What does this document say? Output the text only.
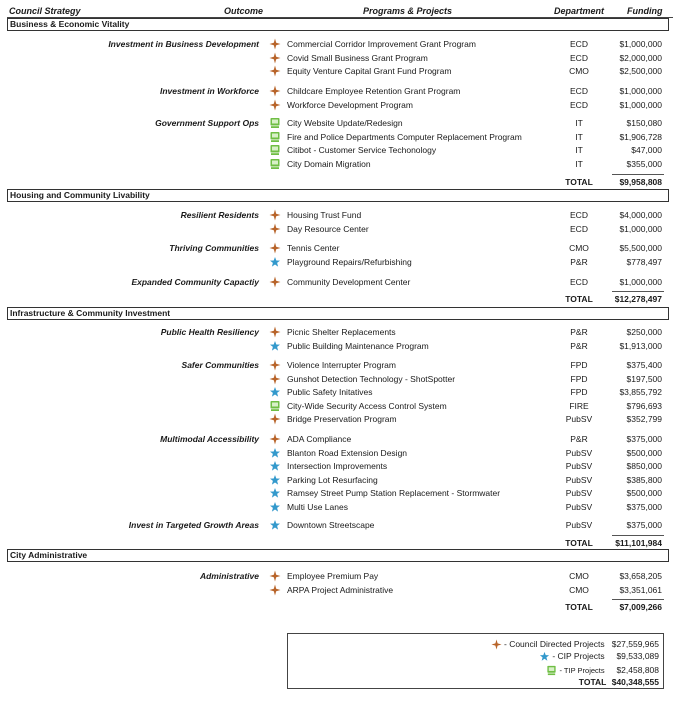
Council Strategy	Outcome	Programs & Projects	Department	Funding
Business & Economic Vitality
Investment in Business Development	Commercial Corridor Improvement Grant Program	ECD	$1,000,000
Covid Small Business Grant Program	ECD	$2,000,000
Equity Venture Capital Grant Fund Program	CMO	$2,500,000
Investment in Workforce	Childcare Employee Retention Grant Program	ECD	$1,000,000
Workforce Development Program	ECD	$1,000,000
Government Support Ops	City Website Update/Redesign	IT	$150,080
Fire and Police Departments Computer Replacement Program	IT	$1,906,728
Citibot - Customer Service Techonology	IT	$47,000
City Domain Migration	IT	$355,000
TOTAL	$9,958,808
Housing and Community Livability
Resilient Residents	Housing Trust Fund	ECD	$4,000,000
Day Resource Center	ECD	$1,000,000
Thriving Communities	Tennis Center	CMO	$5,500,000
Playground Repairs/Refurbishing	P&R	$778,497
Expanded Community Capactiy	Community Development Center	ECD	$1,000,000
TOTAL	$12,278,497
Infrastructure & Community Investment
Public Health Resiliency	Picnic Shelter Replacements	P&R	$250,000
Public Building Maintenance Program	P&R	$1,913,000
Safer Communities	Violence Interrupter Program	FPD	$375,400
Gunshot Detection Technology - ShotSpotter	FPD	$197,500
Public Safety Initatives	FPD	$3,855,792
City-Wide Security Access Control System	FIRE	$796,693
Bridge Preservation Program	PubSV	$352,799
Multimodal Accessibility	ADA Compliance	P&R	$375,000
Blanton Road Extension Design	PubSV	$500,000
Intersection Improvements	PubSV	$850,000
Parking Lot Resurfacing	PubSV	$385,800
Ramsey Street Pump Station Replacement - Stormwater	PubSV	$500,000
Multi Use Lanes	PubSV	$375,000
Invest in Targeted Growth Areas	Downtown Streetscape	PubSV	$375,000
TOTAL	$11,101,984
City Administrative
Administrative	Employee Premium Pay	CMO	$3,658,205
ARPA Project Administrative	CMO	$3,351,061
TOTAL	$7,009,266
- Council Directed Projects $27,559,965
- CIP Projects $9,533,089
- TIP Projects $2,458,808
TOTAL $40,348,555
